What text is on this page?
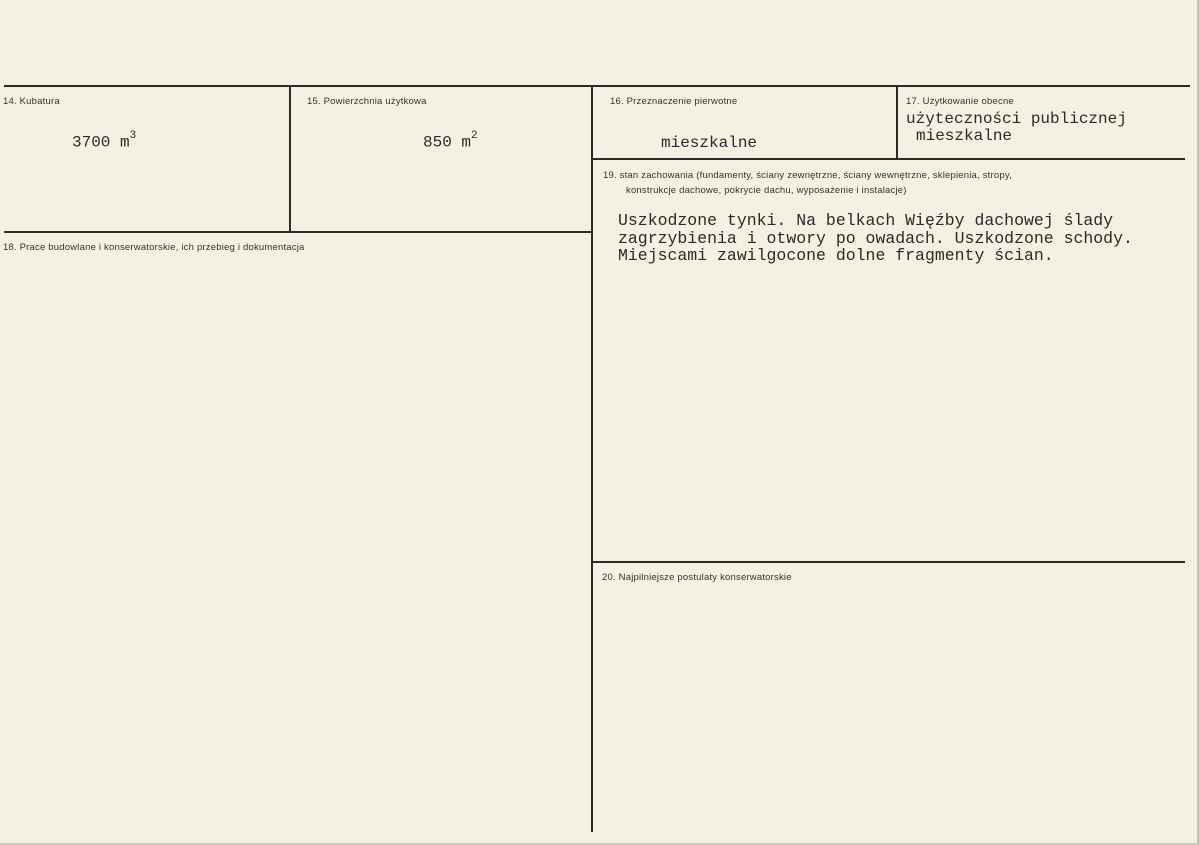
14. Kubatura
3700 $m^3$
15. Powierzchnia użytkowa
850 $m^2$
16. Przeznaczenie pierwotne
mieszkalne
17. Użytkowanie obecne
użyteczności publicznej
mieszkalne
18. Prace budowlane i konserwatorskie, ich przebieg i dokumentacja
19. stan zachowania (fundamenty, ściany zewnętrzne, ściany wewnętrzne, sklepienia, stropy,
konstrukcje dachowe, pokrycie dachu, wyposażenie i instalacje)
Uszkodzone tynki. Na belkach Więźby dachowej ślady
zagrzybienia i otwory po owadach. Uszkodzone schody.
Miejscami zawilgocone dolne fragmenty ścian.
20. Najpilniejsze postulaty konserwatorskie
